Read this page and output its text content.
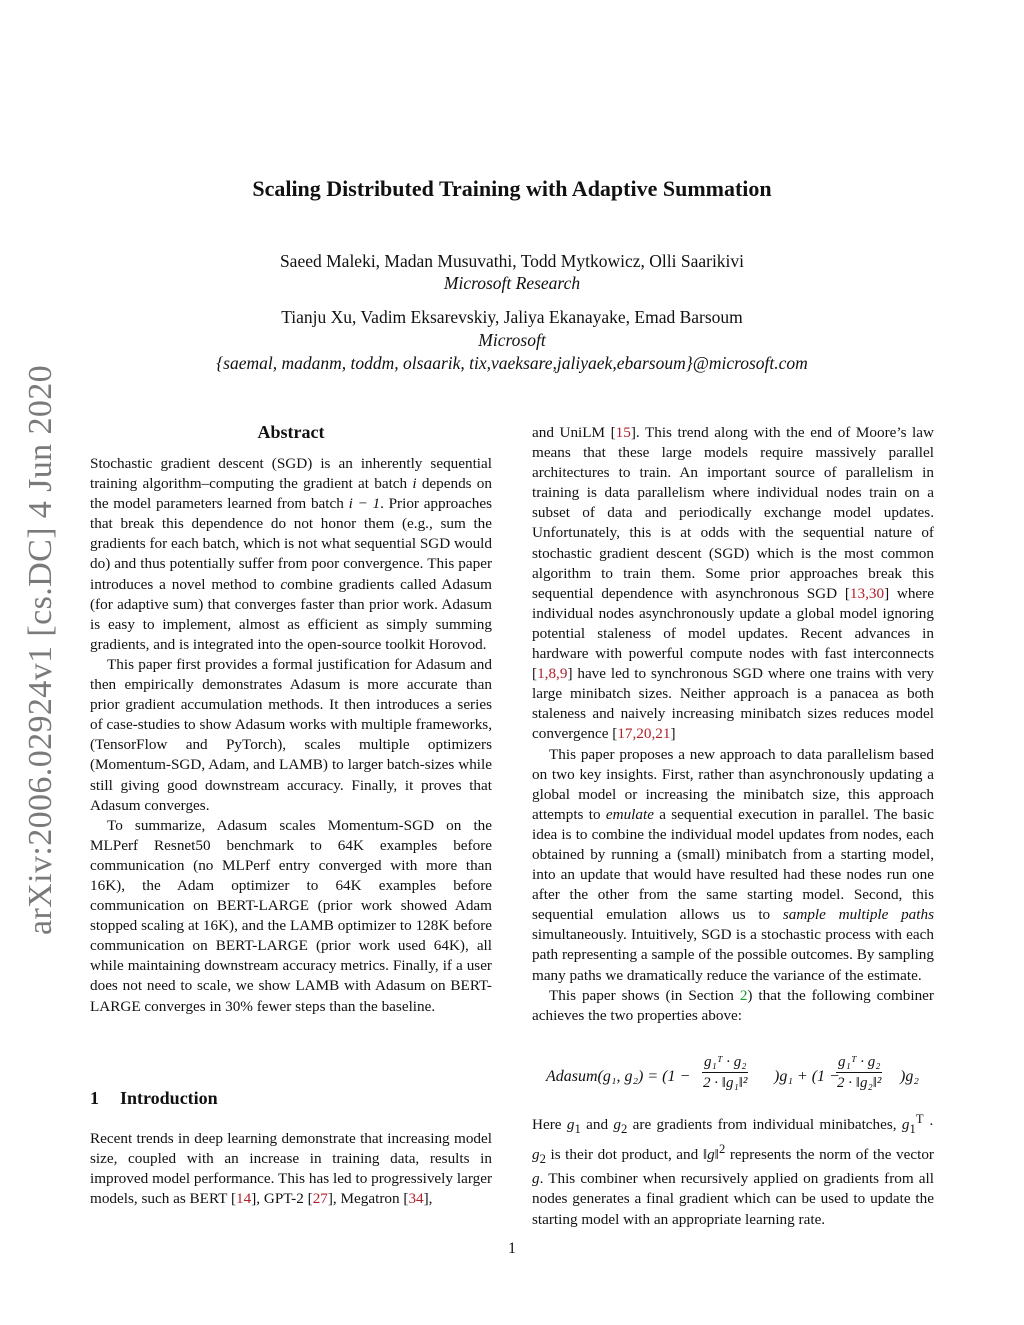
arXiv:2006.02924v1 [cs.DC] 4 Jun 2020
Scaling Distributed Training with Adaptive Summation
Saeed Maleki, Madan Musuvathi, Todd Mytkowicz, Olli Saarikivi
Microsoft Research
Tianju Xu, Vadim Eksarevskiy, Jaliya Ekanayake, Emad Barsoum
Microsoft
{saemal, madanm, toddm, olsaarik, tix,vaeksare,jaliyaek,ebarsoum}@microsoft.com
Abstract

Stochastic gradient descent (SGD) is an inherently sequential training algorithm–computing the gradient at batch i depends on the model parameters learned from batch i − 1. Prior approaches that break this dependence do not honor them (e.g., sum the gradients for each batch, which is not what sequential SGD would do) and thus potentially suffer from poor convergence. This paper introduces a novel method to combine gradients called Adasum (for adaptive sum) that converges faster than prior work. Adasum is easy to implement, almost as efficient as simply summing gradients, and is integrated into the open-source toolkit Horovod.

This paper first provides a formal justification for Adasum and then empirically demonstrates Adasum is more accurate than prior gradient accumulation methods. It then introduces a series of case-studies to show Adasum works with multiple frameworks, (TensorFlow and PyTorch), scales multiple optimizers (Momentum-SGD, Adam, and LAMB) to larger batch-sizes while still giving good downstream accuracy. Finally, it proves that Adasum converges.

To summarize, Adasum scales Momentum-SGD on the MLPerf Resnet50 benchmark to 64K examples before communication (no MLPerf entry converged with more than 16K), the Adam optimizer to 64K examples before communication on BERT-LARGE (prior work showed Adam stopped scaling at 16K), and the LAMB optimizer to 128K before communication on BERT-LARGE (prior work used 64K), all while maintaining downstream accuracy metrics. Finally, if a user does not need to scale, we show LAMB with Adasum on BERT-LARGE converges in 30% fewer steps than the baseline.

1 Introduction

Recent trends in deep learning demonstrate that increasing model size, coupled with an increase in training data, results in improved model performance. This has led to progressively larger models, such as BERT [14], GPT-2 [27], Megatron [34],

and UniLM [15]. This trend along with the end of Moore’s law means that these large models require massively parallel architectures to train. An important source of parallelism in training is data parallelism where individual nodes train on a subset of data and periodically exchange model updates. Unfortunately, this is at odds with the sequential nature of stochastic gradient descent (SGD) which is the most common algorithm to train them. Some prior approaches break this sequential dependence with asynchronous SGD [13,30] where individual nodes asynchronously update a global model ignoring potential staleness of model updates. Recent advances in hardware with powerful compute nodes with fast interconnects [1,8,9] have led to synchronous SGD where one trains with very large minibatch sizes. Neither approach is a panacea as both staleness and naively increasing minibatch sizes reduces model convergence [17,20,21]

This paper proposes a new approach to data parallelism based on two key insights. First, rather than asynchronously updating a global model or increasing the minibatch size, this approach attempts to emulate a sequential execution in parallel. The basic idea is to combine the individual model updates from nodes, each obtained by running a (small) minibatch from a starting model, into an update that would have resulted had these nodes run one after the other from the same starting model. Second, this sequential emulation allows us to sample multiple paths simultaneously. Intuitively, SGD is a stochastic process with each path representing a sample of the possible outcomes. By sampling many paths we dramatically reduce the variance of the estimate.

This paper shows (in Section 2) that the following combiner achieves the two properties above:

Adasum(g₁, $g_2) = (1 - \frac{\text{g₁ᵀ · g₂}}{\text{2 · ‖g₁‖²}} )g_1 + (1$ −
$\frac{\text{g₁ᵀ · g₂}}{\text{2 · ‖g₂‖²}} )g_2$

Here $g_1$ and $g_2$ are gradients from individual minibatches, $g_1^T \cdot g_2$ is their dot product, and ‖g‖$^2$ represents the norm of the vector g. This combiner when recursively applied on gradients from all nodes generates a final gradient which can be used to update the starting model with an appropriate learning rate.

1
